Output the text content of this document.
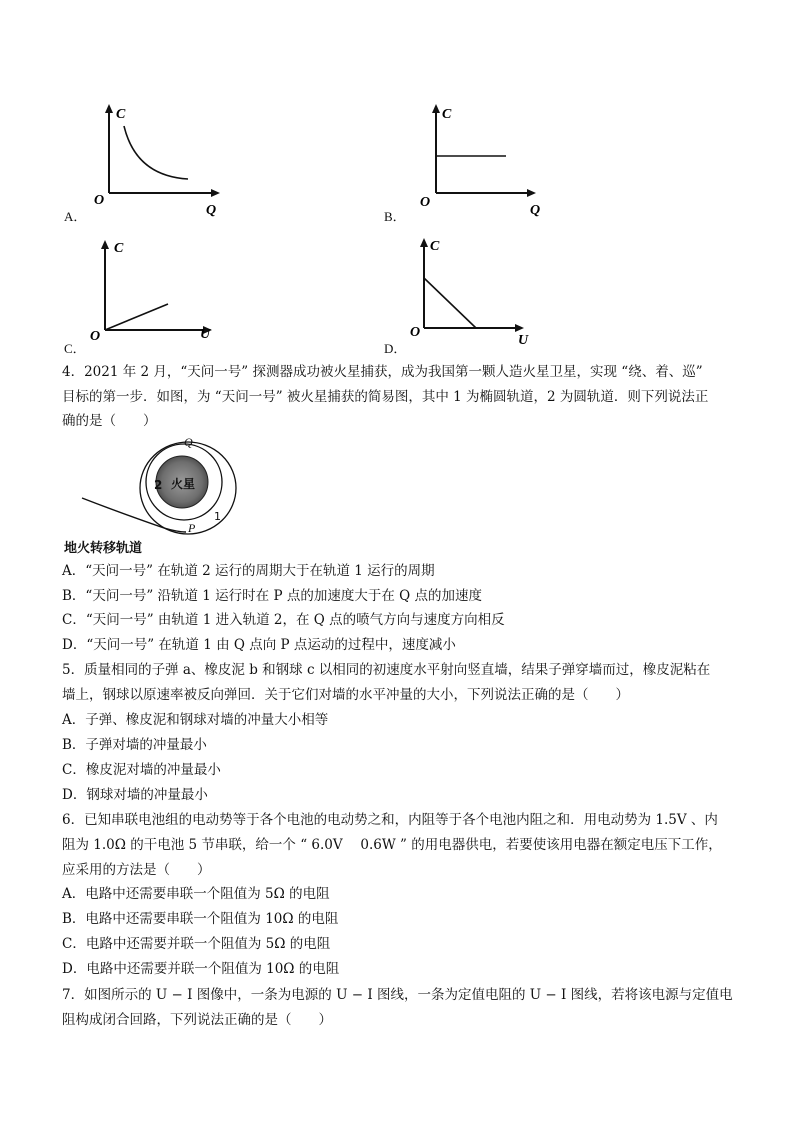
A．
C
O
Q	B．
C
O
Q
C．
C
O	U
D．
C
O
U
4．2021 年 2 月，“天问一号” 探测器成功被火星捕获，成为我国第一颗人造火星卫星，实现 “绕、着、巡”
目标的第一步．如图，为 “天问一号” 被火星捕获的简易图，其中 1 为椭圆轨道，2 为圆轨道．则下列说法正
确的是（　　）
火星
Q
P
2
1
地火转移轨道
A．“天问一号” 在轨道 2 运行的周期大于在轨道 1 运行的周期
B．“天问一号” 沿轨道 1 运行时在 P 点的加速度大于在 Q 点的加速度
C．“天问一号” 由轨道 1 进入轨道 2，在 Q 点的喷气方向与速度方向相反
D．“天问一号” 在轨道 1 由 Q 点向 P 点运动的过程中，速度减小
5．质量相同的子弹 a、橡皮泥 b 和钢球 c 以相同的初速度水平射向竖直墙，结果子弹穿墙而过，橡皮泥粘在
墙上，钢球以原速率被反向弹回．关于它们对墙的水平冲量的大小，下列说法正确的是（　　）
A．子弹、橡皮泥和钢球对墙的冲量大小相等
B．子弹对墙的冲量最小
C．橡皮泥对墙的冲量最小
D．钢球对墙的冲量最小
6．已知串联电池组的电动势等于各个电池的电动势之和，内阻等于各个电池内阻之和．用电动势为 1.5V 、内
阻为 1.0Ω 的干电池 5 节串联，给一个 “ 6.0V　 0.6W ” 的用电器供电，若要使该用电器在额定电压下工作，
应采用的方法是（　　）
A．电路中还需要串联一个阻值为 5Ω 的电阻
B．电路中还需要串联一个阻值为 10Ω 的电阻
C．电路中还需要并联一个阻值为 5Ω 的电阻
D．电路中还需要并联一个阻值为 10Ω 的电阻
7．如图所示的 U − I 图像中，一条为电源的 U − I 图线，一条为定值电阻的 U − I 图线，若将该电源与定值电
阻构成闭合回路，下列说法正确的是（　　）
